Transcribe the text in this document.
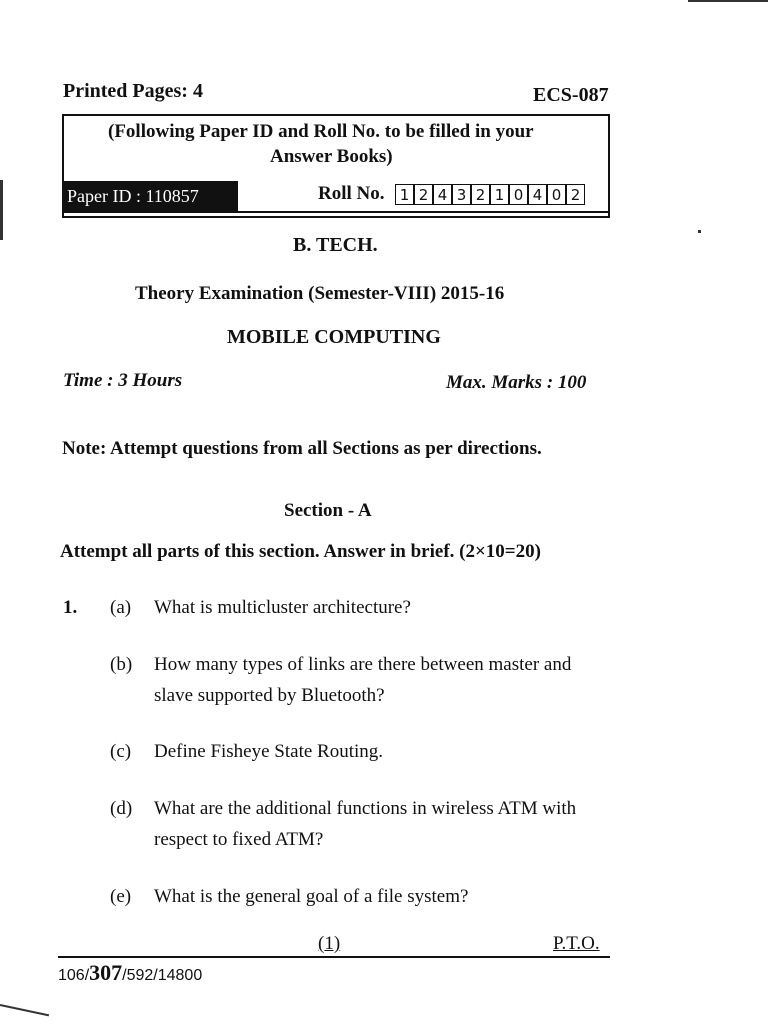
Printed Pages: 4	ECS-087
(Following Paper ID and Roll No. to be filled in your
Answer Books)
Paper ID : 110857	Roll No.	1 2 4 3 2 1 0 4 0 2
B. TECH.
Theory Examination (Semester-VIII) 2015-16
MOBILE COMPUTING
Time : 3 Hours	Max. Marks : 100
Note: Attempt questions from all Sections as per directions.
Section - A
Attempt all parts of this section. Answer in brief. (2×10=20)
1. (a) What is multicluster architecture?
(b) How many types of links are there between master and slave supported by Bluetooth?
(c) Define Fisheye State Routing.
(d) What are the additional functions in wireless ATM with respect to fixed ATM?
(e) What is the general goal of a file system?
(1)	P.T.O.
106/307/592/14800
